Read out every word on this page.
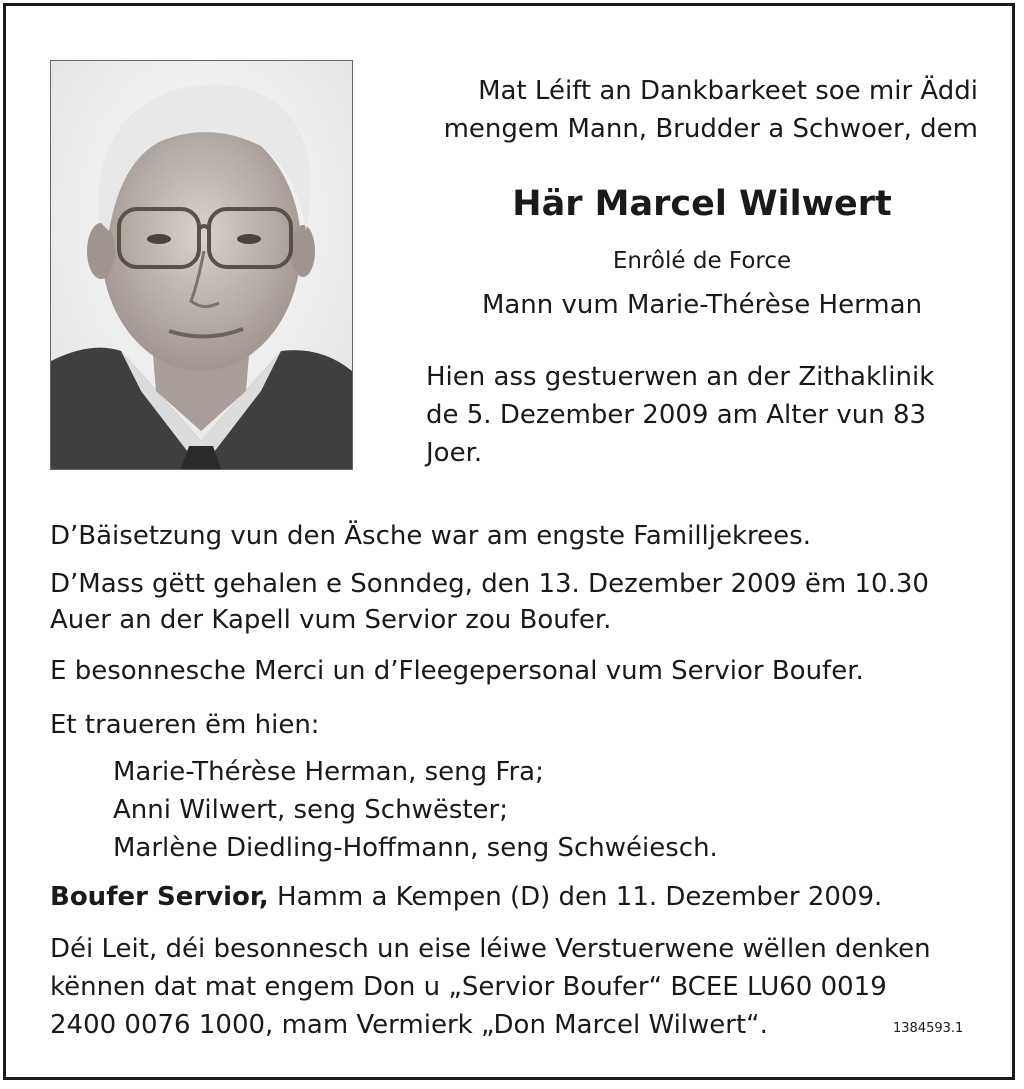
Mat Léift an Dankbarkeet soe mir Äddi
mengem Mann, Brudder a Schwoer, dem
Här Marcel Wilwert
Enrôlé de Force
Mann vum Marie-Thérèse Herman
Hien ass gestuerwen an der Zithaklinik
de 5. Dezember 2009 am Alter vun 83
Joer.
D’Bäisetzung vun den Äsche war am engste Familljekrees.
D’Mass gëtt gehalen e Sonndeg, den 13. Dezember 2009 ëm 10.30
Auer an der Kapell vum Servior zou Boufer.
E besonnesche Merci un d’Fleegepersonal vum Servior Boufer.
Et traueren ëm hien:
Marie-Thérèse Herman, seng Fra;
Anni Wilwert, seng Schwëster;
Marlène Diedling-Hoffmann, seng Schwéiesch.
Boufer Servior, Hamm a Kempen (D) den 11. Dezember 2009.
Déi Leit, déi besonnesch un eise léiwe Verstuerwene wëllen denken
kënnen dat mat engem Don u „Servior Boufer“ BCEE LU60 0019
2400 0076 1000, mam Vermierk „Don Marcel Wilwert“.	1384593.1
